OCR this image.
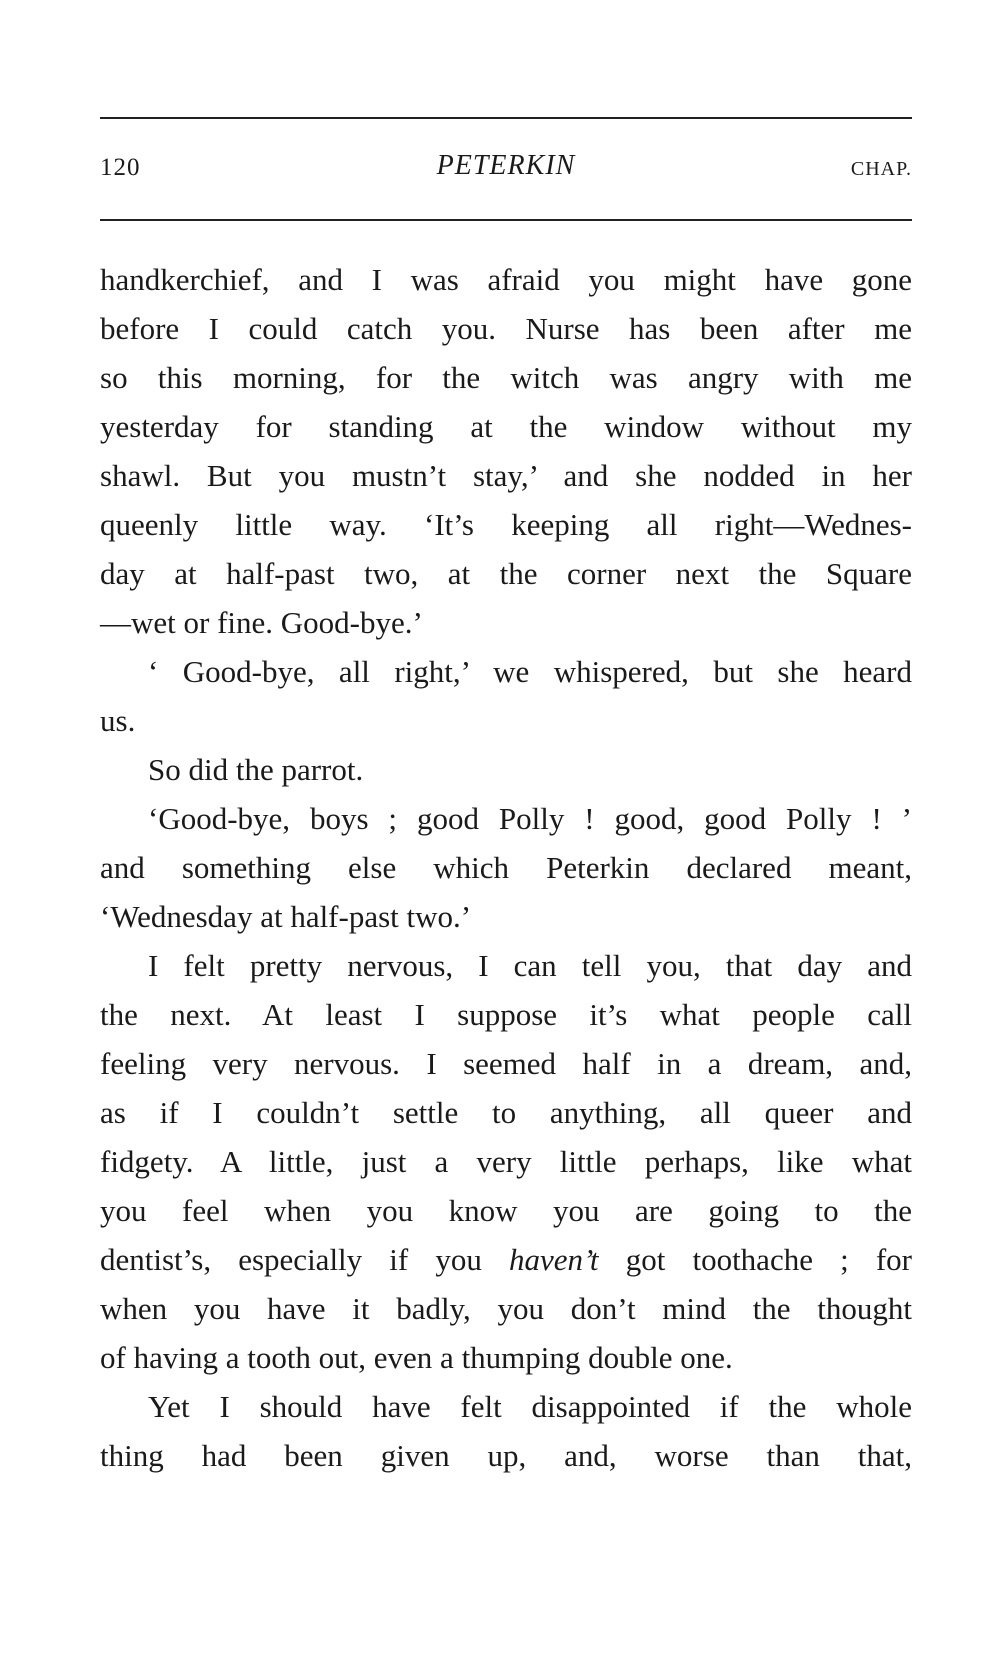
120	PETERKIN	CHAP.
handkerchief, and I was afraid you might have gone
before I could catch you. Nurse has been after me
so this morning, for the witch was angry with me
yesterday for standing at the window without my
shawl. But you mustn’t stay,’ and she nodded in her
queenly little way. ‘It’s keeping all right—Wednes-
day at half-past two, at the corner next the Square
—wet or fine. Good-bye.’
‘ Good-bye, all right,’ we whispered, but she heard
us.
So did the parrot.
‘Good-bye, boys ; good Polly ! good, good Polly ! ’
and something else which Peterkin declared meant,
‘Wednesday at half-past two.’
I felt pretty nervous, I can tell you, that day and
the next. At least I suppose it’s what people call
feeling very nervous. I seemed half in a dream, and,
as if I couldn’t settle to anything, all queer and
fidgety. A little, just a very little perhaps, like what
you feel when you know you are going to the
dentist’s, especially if you haven’t got toothache ; for
when you have it badly, you don’t mind the thought
of having a tooth out, even a thumping double one.
Yet I should have felt disappointed if the whole
thing had been given up, and, worse than that,
